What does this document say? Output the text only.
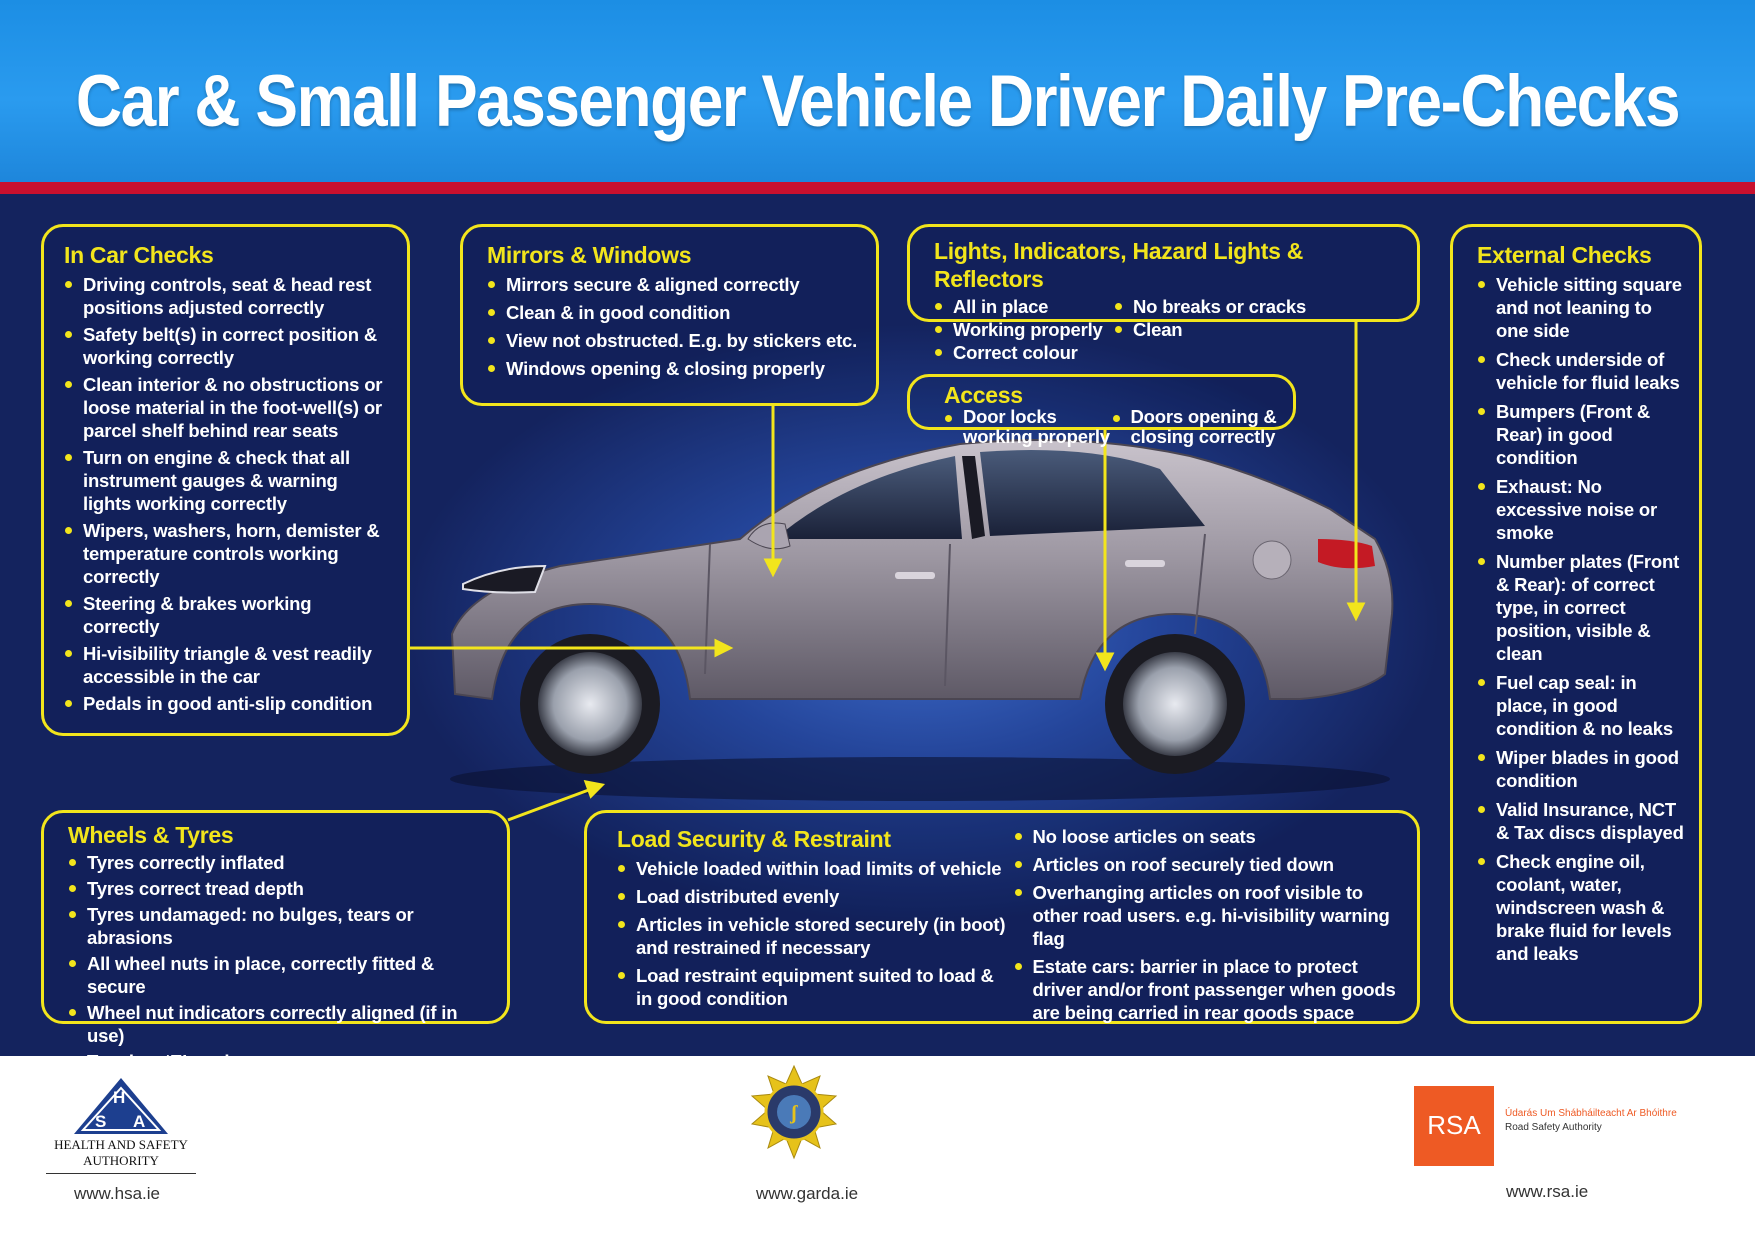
Car & Small Passenger Vehicle Driver Daily Pre-Checks
In Car Checks
Driving controls, seat & head rest positions adjusted correctly
Safety belt(s) in correct position & working correctly
Clean interior & no obstructions or loose material in the foot-well(s) or parcel shelf behind rear seats
Turn on engine & check that all instrument gauges & warning lights working correctly
Wipers, washers, horn, demister & temperature controls working correctly
Steering & brakes working correctly
Hi-visibility triangle & vest readily accessible in the car
Pedals in good anti-slip condition
Mirrors & Windows
Mirrors secure & aligned correctly
Clean & in good condition
View not obstructed. E.g. by stickers etc.
Windows opening & closing properly
Lights, Indicators, Hazard Lights & Reflectors
All in place
Working properly
Correct colour
No breaks or cracks
Clean
Access
Door locks working properly
Doors opening & closing correctly
External Checks
Vehicle sitting square and not leaning to one side
Check underside of vehicle for fluid leaks
Bumpers (Front & Rear) in good condition
Exhaust: No excessive noise or smoke
Number plates (Front & Rear): of correct type, in correct position, visible & clean
Fuel cap seal: in place, in good condition & no leaks
Wiper blades in good condition
Valid Insurance, NCT & Tax discs displayed
Check engine oil, coolant, water, windscreen wash & brake fluid for levels and leaks
Wheels & Tyres
Tyres correctly inflated
Tyres correct tread depth
Tyres undamaged: no bulges, tears or abrasions
All wheel nuts in place, correctly fitted & secure
Wheel nut indicators correctly aligned (if in use)
Load Security & Restraint
Vehicle loaded within load limits of vehicle
Load distributed evenly
Articles in vehicle stored securely (in boot) and restrained if necessary
Load restraint equipment suited to load & in good condition
No loose articles on seats
Articles on roof securely tied down
Overhanging articles on roof visible to other road users. e.g. hi-visibility warning flag
Estate cars: barrier in place to protect driver and/or front passenger when goods are being carried in rear goods space
H
S A
HEALTH AND SAFETY
AUTHORITY
www.hsa.ie
ʃ
www.garda.ie
RSA	Údarás Um Shábháilteacht Ar Bhóithre
Road Safety Authority
www.rsa.ie
